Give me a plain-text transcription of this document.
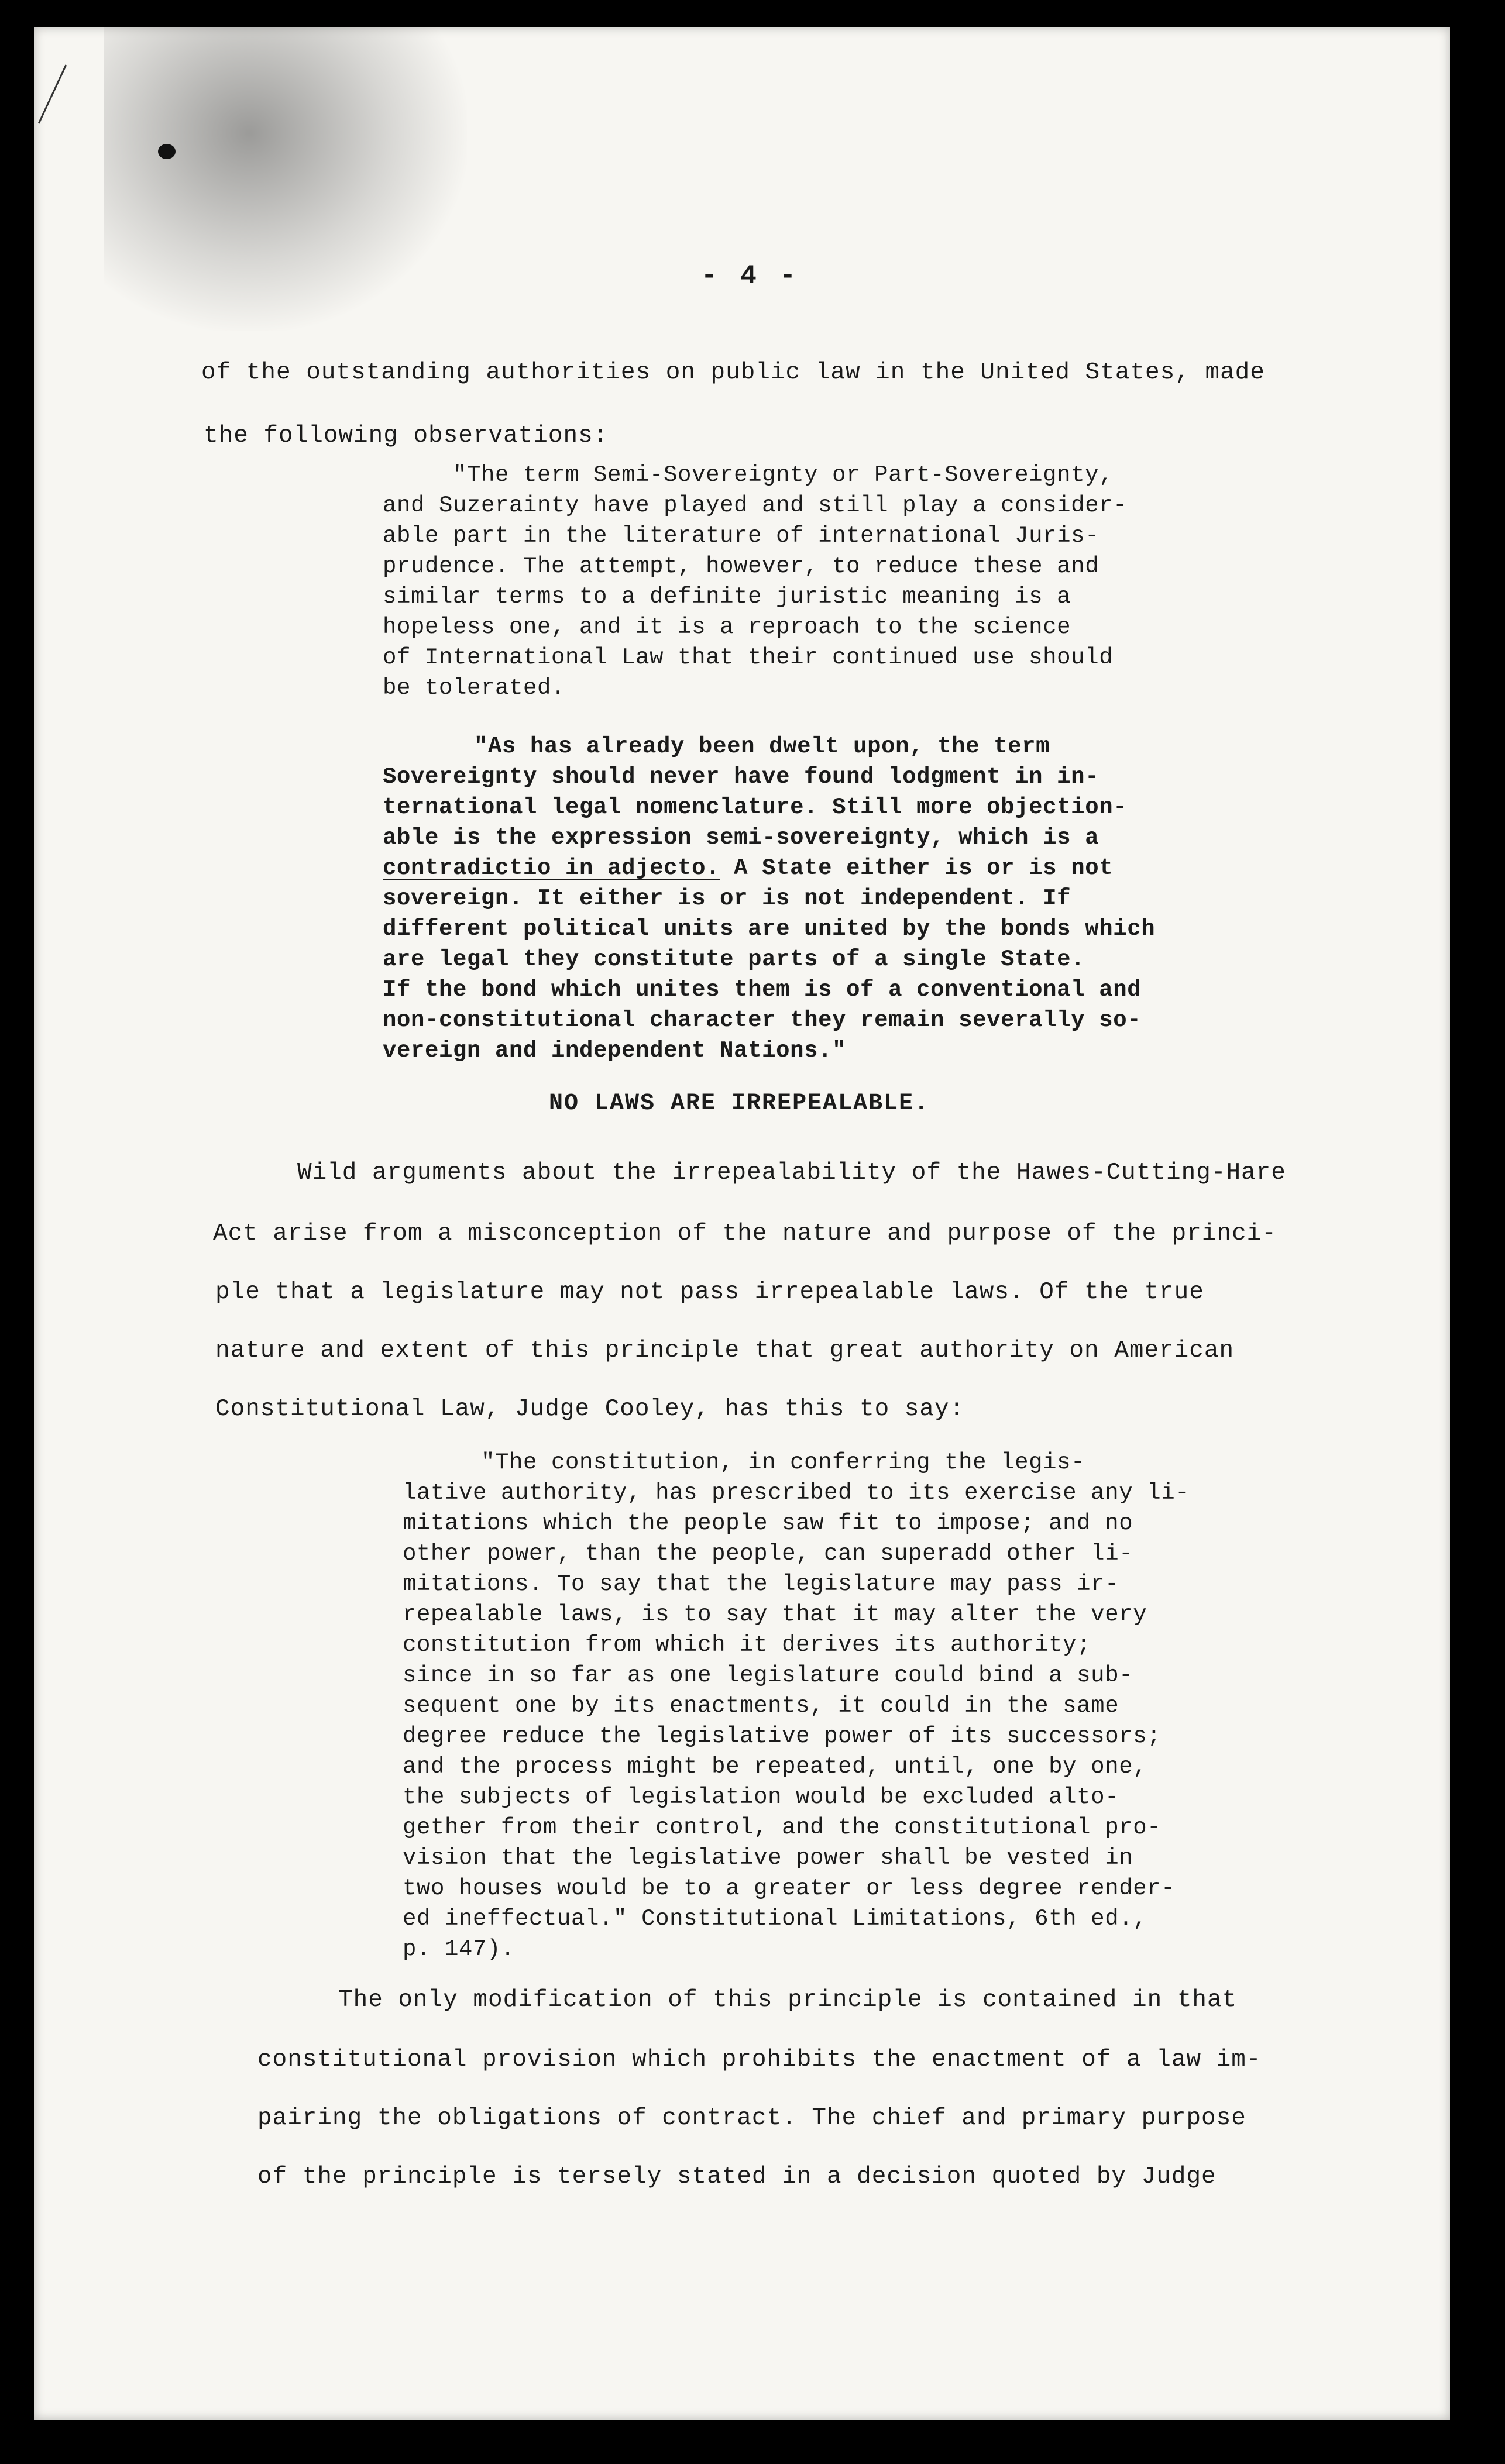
- 4 -
of the outstanding authorities on public law in the United States, made
the following observations:
"The term Semi-Sovereignty or Part-Sovereignty,
and Suzerainty have played and still play a consider-
able part in the literature of international Juris-
prudence. The attempt, however, to reduce these and
similar terms to a definite juristic meaning is a
hopeless one, and it is a reproach to the science
of International Law that their continued use should
be tolerated.
"As has already been dwelt upon, the term
Sovereignty should never have found lodgment in in-
ternational legal nomenclature. Still more objection-
able is the expression semi-sovereignty, which is a
contradictio in adjecto. A State either is or is not
sovereign. It either is or is not independent. If
different political units are united by the bonds which
are legal they constitute parts of a single State.
If the bond which unites them is of a conventional and
non-constitutional character they remain severally so-
vereign and independent Nations."
NO LAWS ARE IRREPEALABLE.
Wild arguments about the irrepealability of the Hawes-Cutting-Hare
Act arise from a misconception of the nature and purpose of the princi-
ple that a legislature may not pass irrepealable laws. Of the true
nature and extent of this principle that great authority on American
Constitutional Law, Judge Cooley, has this to say:
"The constitution, in conferring the legis-
lative authority, has prescribed to its exercise any li-
mitations which the people saw fit to impose; and no
other power, than the people, can superadd other li-
mitations. To say that the legislature may pass ir-
repealable laws, is to say that it may alter the very
constitution from which it derives its authority;
since in so far as one legislature could bind a sub-
sequent one by its enactments, it could in the same
degree reduce the legislative power of its successors;
and the process might be repeated, until, one by one,
the subjects of legislation would be excluded alto-
gether from their control, and the constitutional pro-
vision that the legislative power shall be vested in
two houses would be to a greater or less degree render-
ed ineffectual." Constitutional Limitations, 6th ed.,
p. 147).
The only modification of this principle is contained in that
constitutional provision which prohibits the enactment of a law im-
pairing the obligations of contract. The chief and primary purpose
of the principle is tersely stated in a decision quoted by Judge
